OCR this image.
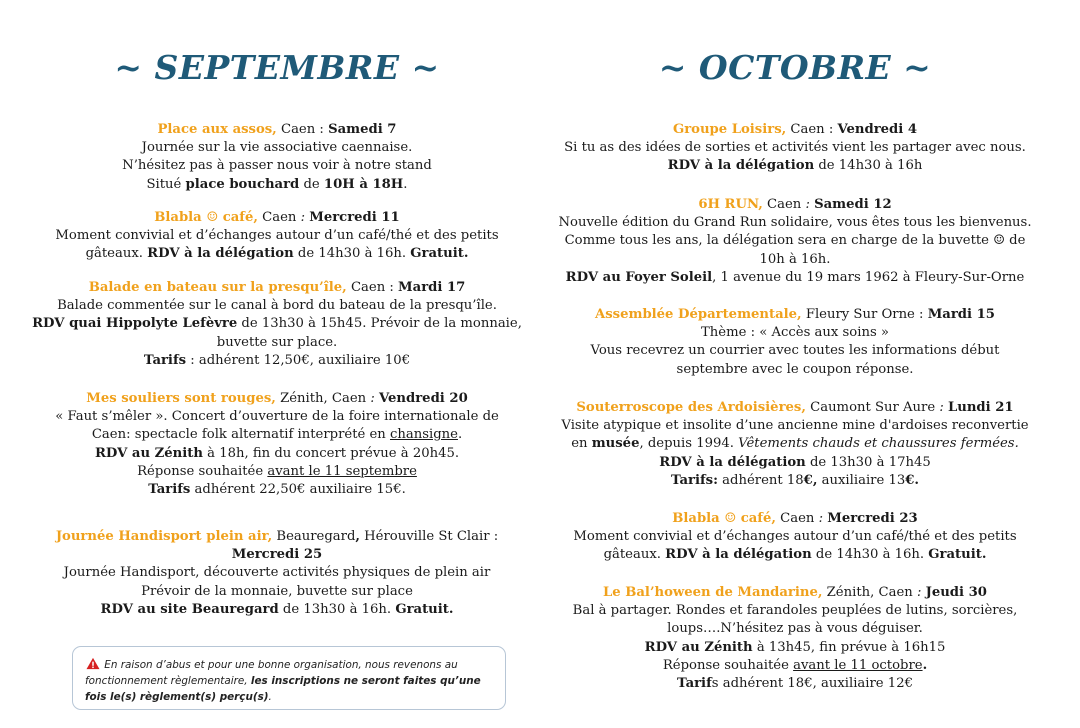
~ SEPTEMBRE ~

Place aux assos, Caen : Samedi 7

Journée sur la vie associative caennaise.

N’hésitez pas à passer nous voir à notre stand

Situé place bouchard de 10H à 18H.

Blabla ☺ café, Caen : Mercredi 11

Moment convivial et d’échanges autour d’un café/thé et des petits

gâteaux. RDV à la délégation de 14h30 à 16h. Gratuit.

Balade en bateau sur la presqu’île, Caen : Mardi 17

Balade commentée sur le canal à bord du bateau de la presqu’île.

RDV quai Hippolyte Lefèvre de 13h30 à 15h45. Prévoir de la monnaie,

buvette sur place.

Tarifs : adhérent 12,50€, auxiliaire 10€

Mes souliers sont rouges, Zénith, Caen : Vendredi 20

« Faut s’mêler ». Concert d’ouverture de la foire internationale de

Caen: spectacle folk alternatif interprété en chansigne.

RDV au Zénith à 18h, fin du concert prévue à 20h45.

Réponse souhaitée avant le 11 septembre

Tarifs adhérent 22,50€ auxiliaire 15€.

Journée Handisport plein air, Beauregard, Hérouville St Clair :

Mercredi 25

Journée Handisport, découverte activités physiques de plein air

Prévoir de la monnaie, buvette sur place

RDV au site Beauregard de 13h30 à 16h. Gratuit.

~ OCTOBRE ~

Groupe Loisirs, Caen : Vendredi 4

Si tu as des idées de sorties et activités vient les partager avec nous.

RDV à la délégation de 14h30 à 16h

6H RUN, Caen : Samedi 12

Nouvelle édition du Grand Run solidaire, vous êtes tous les bienvenus.

Comme tous les ans, la délégation sera en charge de la buvette ☺ de

10h à 16h.

RDV au Foyer Soleil, 1 avenue du 19 mars 1962 à Fleury-Sur-Orne

Assemblée Départementale, Fleury Sur Orne : Mardi 15

Thème : « Accès aux soins »

Vous recevrez un courrier avec toutes les informations début

septembre avec le coupon réponse.

Souterroscope des Ardoisières, Caumont Sur Aure : Lundi 21

Visite atypique et insolite d’une ancienne mine d'ardoises reconvertie

en musée, depuis 1994. Vêtements chauds et chaussures fermées.

RDV à la délégation de 13h30 à 17h45

Tarifs: adhérent 18€, auxiliaire 13€.

Blabla ☺ café, Caen : Mercredi 23

Moment convivial et d’échanges autour d’un café/thé et des petits

gâteaux. RDV à la délégation de 14h30 à 16h. Gratuit.

Le Bal’hoween de Mandarine, Zénith, Caen : Jeudi 30

Bal à partager. Rondes et farandoles peuplées de lutins, sorcières,

loups….N’hésitez pas à vous déguiser.

RDV au Zénith à 13h45, fin prévue à 16h15

Réponse souhaitée avant le 11 octobre.

Tarifs adhérent 18€, auxiliaire 12€

En raison d’abus et pour une bonne organisation, nous revenons au fonctionnement règlementaire, les inscriptions ne seront faites qu’une fois le(s) règlement(s) perçu(s).
